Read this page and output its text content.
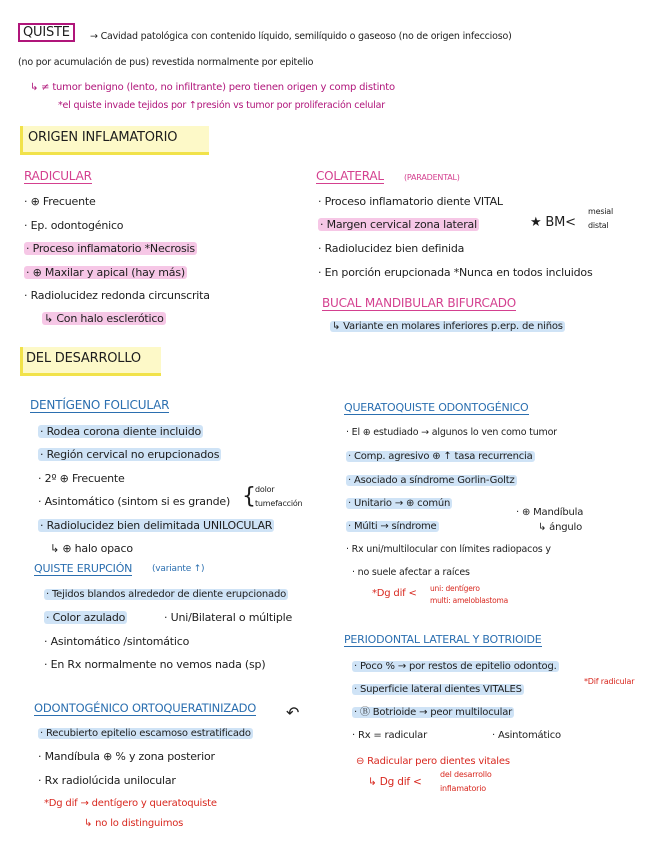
QUISTE	→ Cavidad patológica con contenido líquido, semilíquido o gaseoso (no de origen infeccioso)
(no por acumulación de pus) revestida normalmente por epitelio
↳ ≠ tumor benigno (lento, no infiltrante) pero tienen origen y comp distinto
*el quiste invade tejidos por ↑presión vs tumor por proliferación celular
ORIGEN INFLAMATORIO
RADICULAR
· ⊕ Frecuente
· Ep. odontogénico
· Proceso inflamatorio *Necrosis
· ⊕ Maxilar y apical (hay más)
· Radiolucidez redonda circunscrita
↳ Con halo esclerótico
COLATERAL	(PARADENTAL)
· Proceso inflamatorio diente VITAL
· Margen cervical zona lateral
· Radiolucidez bien definida
· En porción erupcionada *Nunca en todos incluidos
★ BM<
mesial
distal
BUCAL MANDIBULAR BIFURCADO
↳ Variante en molares inferiores p.erp. de niños
DEL DESARROLLO
DENTÍGENO FOLICULAR
· Rodea corona diente incluido
· Región cervical no erupcionados
· 2º ⊕ Frecuente
· Asintomático (sintom si es grande)
· Radiolucidez bien delimitada UNILOCULAR
↳ ⊕ halo opaco
{ dolor
tumefacción
QUISTE ERUPCIÓN (variante ↑)
· Tejidos blandos alrededor de diente erupcionado
· Color azulado	· Uni/Bilateral o múltiple
· Asintomático /sintomático
· En Rx normalmente no vemos nada (sp)
ODONTOGÉNICO ORTOQUERATINIZADO ↶
· Recubierto epitelio escamoso estratificado
· Mandíbula ⊕ % y zona posterior
· Rx radiolúcida unilocular
*Dg dif → dentígero y queratoquiste
↳ no lo distinguimos
QUERATOQUISTE ODONTOGÉNICO
· El ⊕ estudiado → algunos lo ven como tumor
· Comp. agresivo ⊕ ↑ tasa recurrencia
· Asociado a síndrome Gorlin-Goltz
· Unitario → ⊕ común
· Múlti → síndrome
· Rx uni/multilocular con límites radiopacos y
· no suele afectar a raíces
· ⊕ Mandíbula
↳ ángulo
*Dg dif < uni: dentígero
multi: ameloblastoma
PERIODONTAL LATERAL Y BOTRIOIDE
· Poco % → por restos de epitelio odontog.
· Superficie lateral dientes VITALES
· Ⓑ Botrioide → peor multilocular
· Rx = radicular	· Asintomático
*Dif radicular
⊖ Radicular pero dientes vitales
↳ Dg dif <
del desarrollo
inflamatorio
